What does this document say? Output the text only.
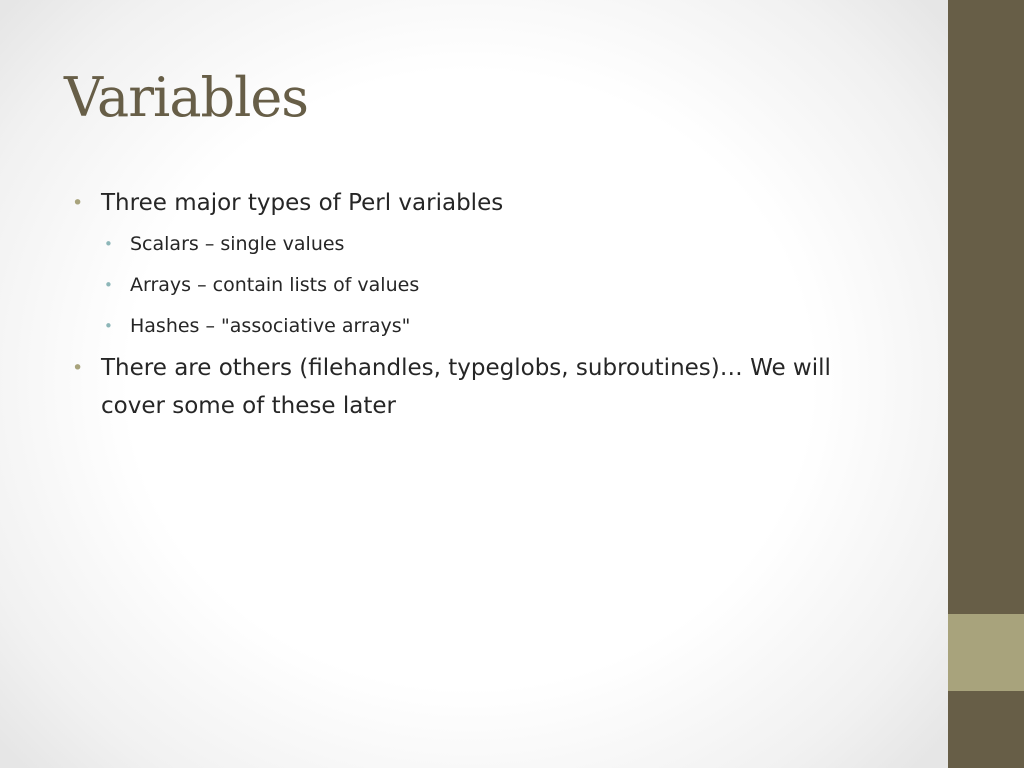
Variables
• Three major types of Perl variables
• Scalars – single values
• Arrays – contain lists of values
• Hashes – "associative arrays"
• There are others (filehandles, typeglobs, subroutines)… We will cover some of these later
